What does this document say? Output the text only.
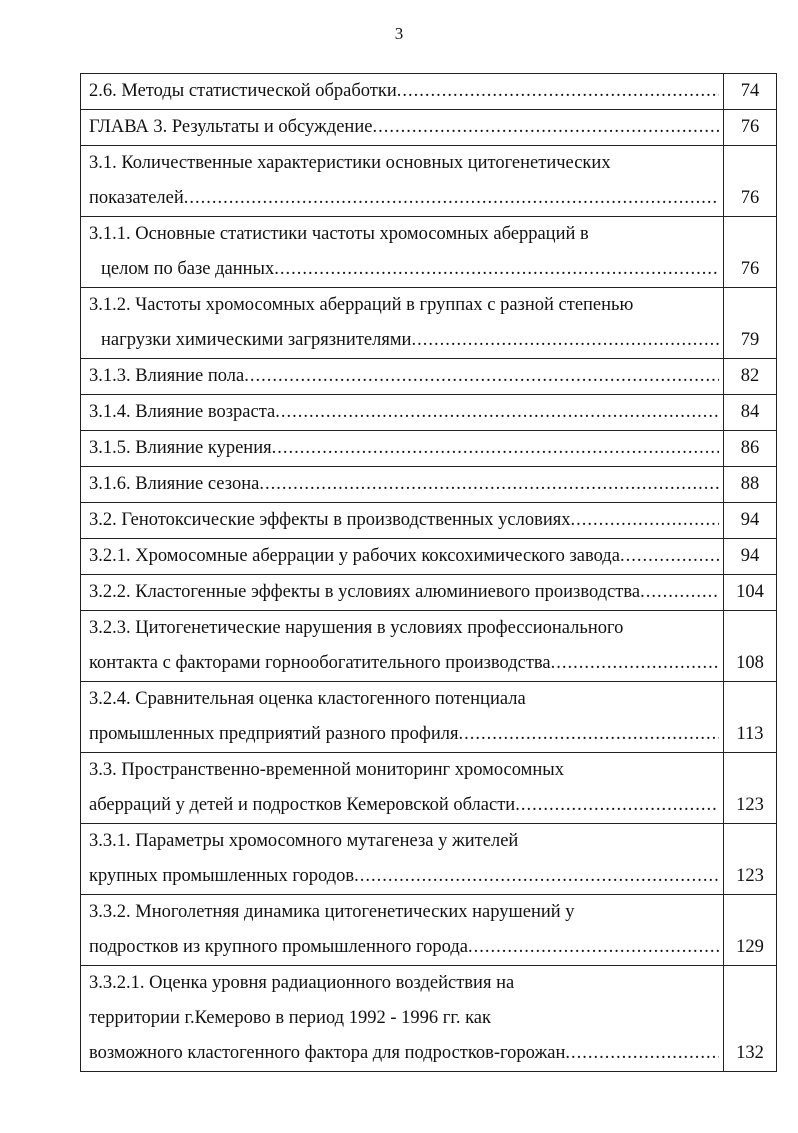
3
2.6. Методы статистической обработки
.....	74

ГЛАВА 3. Результаты и обсуждение
.....	76

3.1. Количественные характеристики основных цитогенетических
показателей
.....	76

3.1.1. Основные статистики частоты хромосомных аберраций в
целом по базе данных
.....	76

3.1.2. Частоты хромосомных аберраций в группах с разной степенью
нагрузки химическими загрязнителями
.....	79

3.1.3. Влияние пола
.....	82

3.1.4. Влияние возраста
.....	84

3.1.5. Влияние курения
.....	86

3.1.6. Влияние сезона
.....	88

3.2. Генотоксические эффекты в производственных условиях
.....	94

3.2.1. Хромосомные аберрации у рабочих коксохимического завода
.....	94

3.2.2. Кластогенные эффекты в условиях алюминиевого производства
.....	104

3.2.3. Цитогенетические нарушения в условиях профессионального
контакта с факторами горнообогатительного производства
.....	108

3.2.4. Сравнительная оценка кластогенного потенциала
промышленных предприятий разного профиля
.....	113

3.3. Пространственно-временной мониторинг хромосомных
аберраций у детей и подростков Кемеровской области
.....	123

3.3.1. Параметры хромосомного мутагенеза у жителей
крупных промышленных городов
.....	123

3.3.2. Многолетняя динамика цитогенетических нарушений у
подростков из крупного промышленного города
.....	129

3.3.2.1. Оценка уровня радиационного воздействия на
территории г.Кемерово в период 1992 - 1996 гг. как
возможного кластогенного фактора для подростков-горожан
.....	132
